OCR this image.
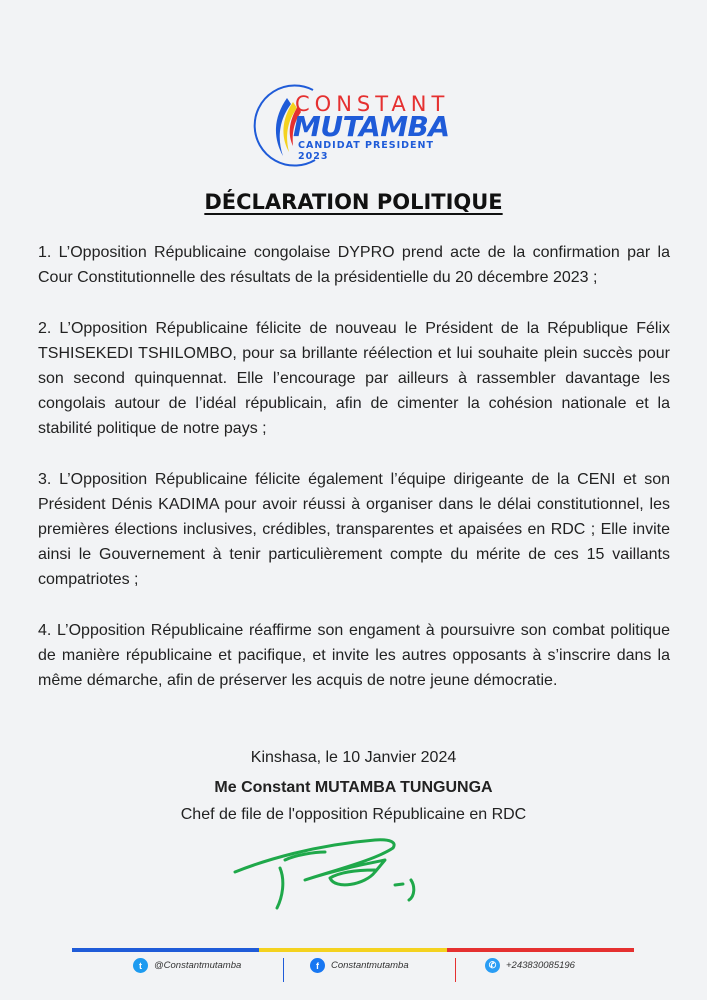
CONSTANT
MUTAMBA
CANDIDAT PRESIDENT 2023
DÉCLARATION POLITIQUE

1. L’Opposition Républicaine congolaise DYPRO prend acte de la confirmation par la Cour Constitutionnelle des résultats de la présidentielle du 20 décembre 2023 ;

2. L’Opposition Républicaine félicite de nouveau le Président de la République Félix TSHISEKEDI TSHILOMBO, pour sa brillante réélection et lui souhaite plein succès pour son second quinquennat. Elle l’encourage par ailleurs à rassembler davantage les congolais autour de l’idéal républicain, afin de cimenter la cohésion nationale et la stabilité politique de notre pays ;

3. L’Opposition Républicaine félicite également l’équipe dirigeante de la CENI et son Président Dénis KADIMA pour avoir réussi à organiser dans le délai constitutionnel, les premières élections inclusives, crédibles, transparentes et apaisées en RDC ; Elle invite ainsi le Gouvernement à tenir particulièrement compte du mérite de ces 15 vaillants compatriotes ;

4. L’Opposition Républicaine réaffirme son engament à poursuivre son combat politique de manière républicaine et pacifique, et invite les autres opposants à s’inscrire dans la même démarche, afin de préserver les acquis de notre jeune démocratie.

Kinshasa, le 10 Janvier 2024
Me Constant MUTAMBA TUNGUNGA
Chef de file de l'opposition Républicaine en RDC
t	@Constantmutamba	f	Constantmutamba	✆	+243830085196
